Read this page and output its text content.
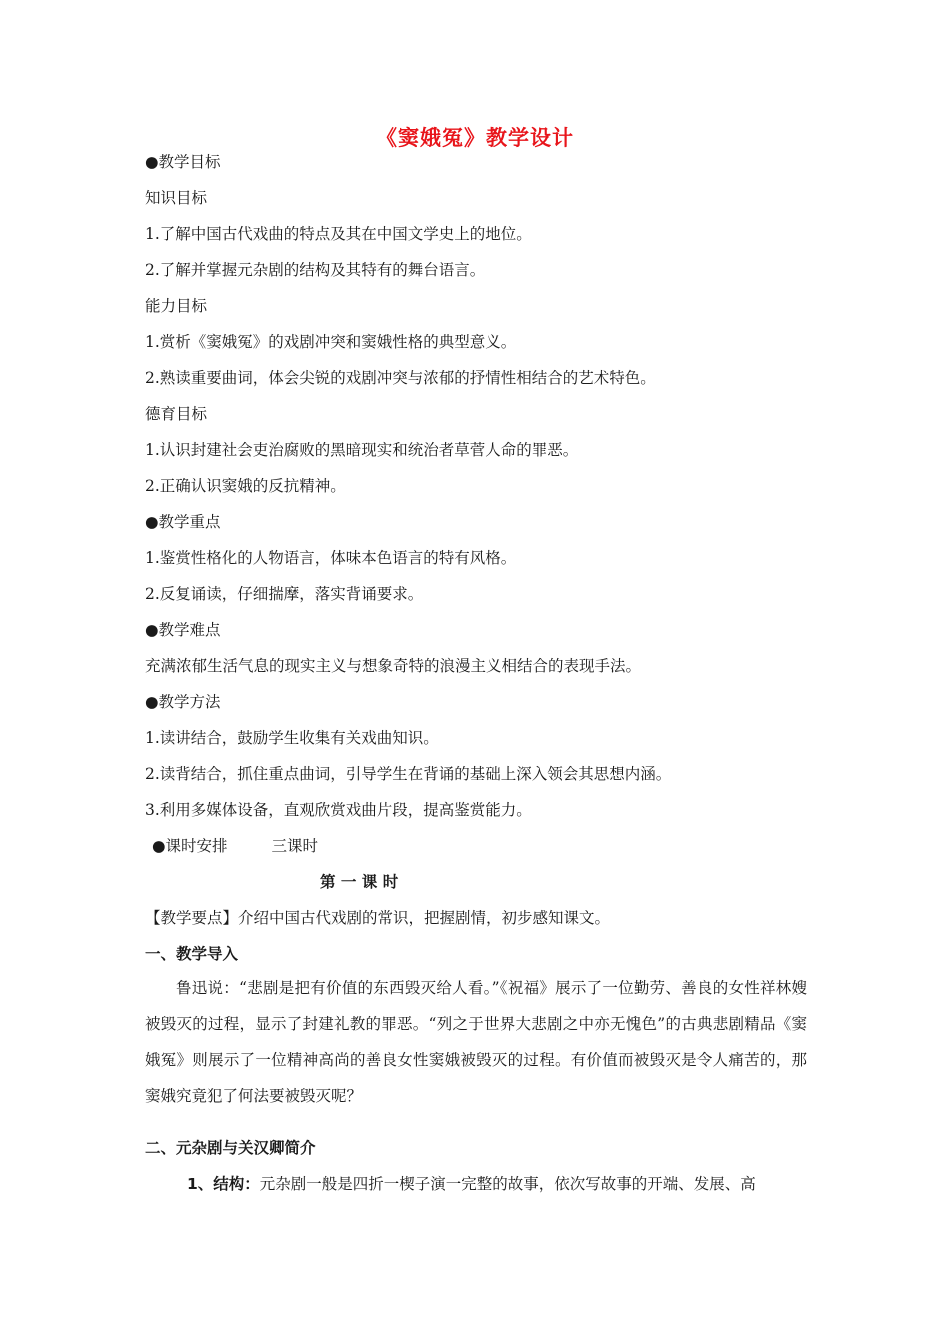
《窦娥冤》教学设计
●教学目标
知识目标
1.了解中国古代戏曲的特点及其在中国文学史上的地位。
2.了解并掌握元杂剧的结构及其特有的舞台语言。
能力目标
1.赏析《窦娥冤》的戏剧冲突和窦娥性格的典型意义。
2.熟读重要曲词，体会尖锐的戏剧冲突与浓郁的抒情性相结合的艺术特色。
德育目标
1.认识封建社会吏治腐败的黑暗现实和统治者草菅人命的罪恶。
2.正确认识窦娥的反抗精神。
●教学重点
1.鉴赏性格化的人物语言，体味本色语言的特有风格。
2.反复诵读，仔细揣摩，落实背诵要求。
●教学难点
充满浓郁生活气息的现实主义与想象奇特的浪漫主义相结合的表现手法。
●教学方法
1.读讲结合，鼓励学生收集有关戏曲知识。
2.读背结合，抓住重点曲词，引导学生在背诵的基础上深入领会其思想内涵。
3.利用多媒体设备，直观欣赏戏曲片段，提高鉴赏能力。
●课时安排	三课时
第 一 课 时
【教学要点】介绍中国古代戏剧的常识，把握剧情，初步感知课文。
一、教学导入
鲁迅说：“悲剧是把有价值的东西毁灭给人看。”《祝福》展示了一位勤劳、善良的女性祥林嫂被毁灭的过程，显示了封建礼教的罪恶。“列之于世界大悲剧之中亦无愧色”的古典悲剧精品《窦娥冤》则展示了一位精神高尚的善良女性窦娥被毁灭的过程。有价值而被毁灭是令人痛苦的，那窦娥究竟犯了何法要被毁灭呢？
二、元杂剧与关汉卿简介
1、结构：元杂剧一般是四折一楔子演一完整的故事，依次写故事的开端、发展、高
